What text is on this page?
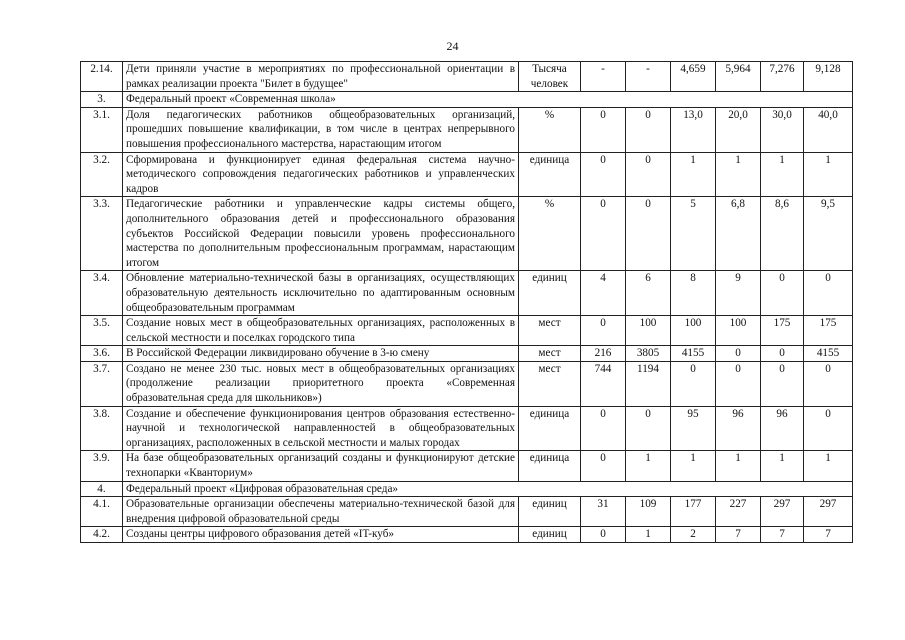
24
2.14.	Дети приняли участие в мероприятиях по профессиональной ориентации в рамках реализации проекта "Билет в будущее"	Тысяча человек	-	-	4,659	5,964	7,276	9,128
3.	Федеральный проект «Современная школа»							
3.1.	Доля педагогических работников общеобразовательных организаций, прошедших повышение квалификации, в том числе в центрах непрерывного повышения профессионального мастерства, нарастающим итогом	%	0	0	13,0	20,0	30,0	40,0
3.2.	Сформирована и функционирует единая федеральная система научно-методического сопровождения педагогических работников и управленческих кадров	единица	0	0	1	1	1	1
3.3.	Педагогические работники и управленческие кадры системы общего, дополнительного образования детей и профессионального образования субъектов Российской Федерации повысили уровень профессионального мастерства по дополнительным профессиональным программам, нарастающим итогом	%	0	0	5	6,8	8,6	9,5
3.4.	Обновление материально-технической базы в организациях, осуществляющих образовательную деятельность исключительно по адаптированным основным общеобразовательным программам	единиц	4	6	8	9	0	0
3.5.	Создание новых мест в общеобразовательных организациях, расположенных в сельской местности и поселках городского типа	мест	0	100	100	100	175	175
3.6.	В Российской Федерации ликвидировано обучение в 3-ю смену	мест	216	3805	4155	0	0	4155
3.7.	Создано не менее 230 тыс. новых мест в общеобразовательных организациях (продолжение реализации приоритетного проекта «Современная образовательная среда для школьников»)	мест	744	1194	0	0	0	0
3.8.	Создание и обеспечение функционирования центров образования естественно-научной и технологической направленностей в общеобразовательных организациях, расположенных в сельской местности и малых городах	единица	0	0	95	96	96	0
3.9.	На базе общеобразовательных организаций созданы и функционируют детские технопарки «Кванториум»	единица	0	1	1	1	1	1
4.	Федеральный проект «Цифровая образовательная среда»							
4.1.	Образовательные организации обеспечены материально-технической базой для внедрения цифровой образовательной среды	единиц	31	109	177	227	297	297
4.2.	Созданы центры цифрового образования детей «IT-куб»	единиц	0	1	2	7	7	7
